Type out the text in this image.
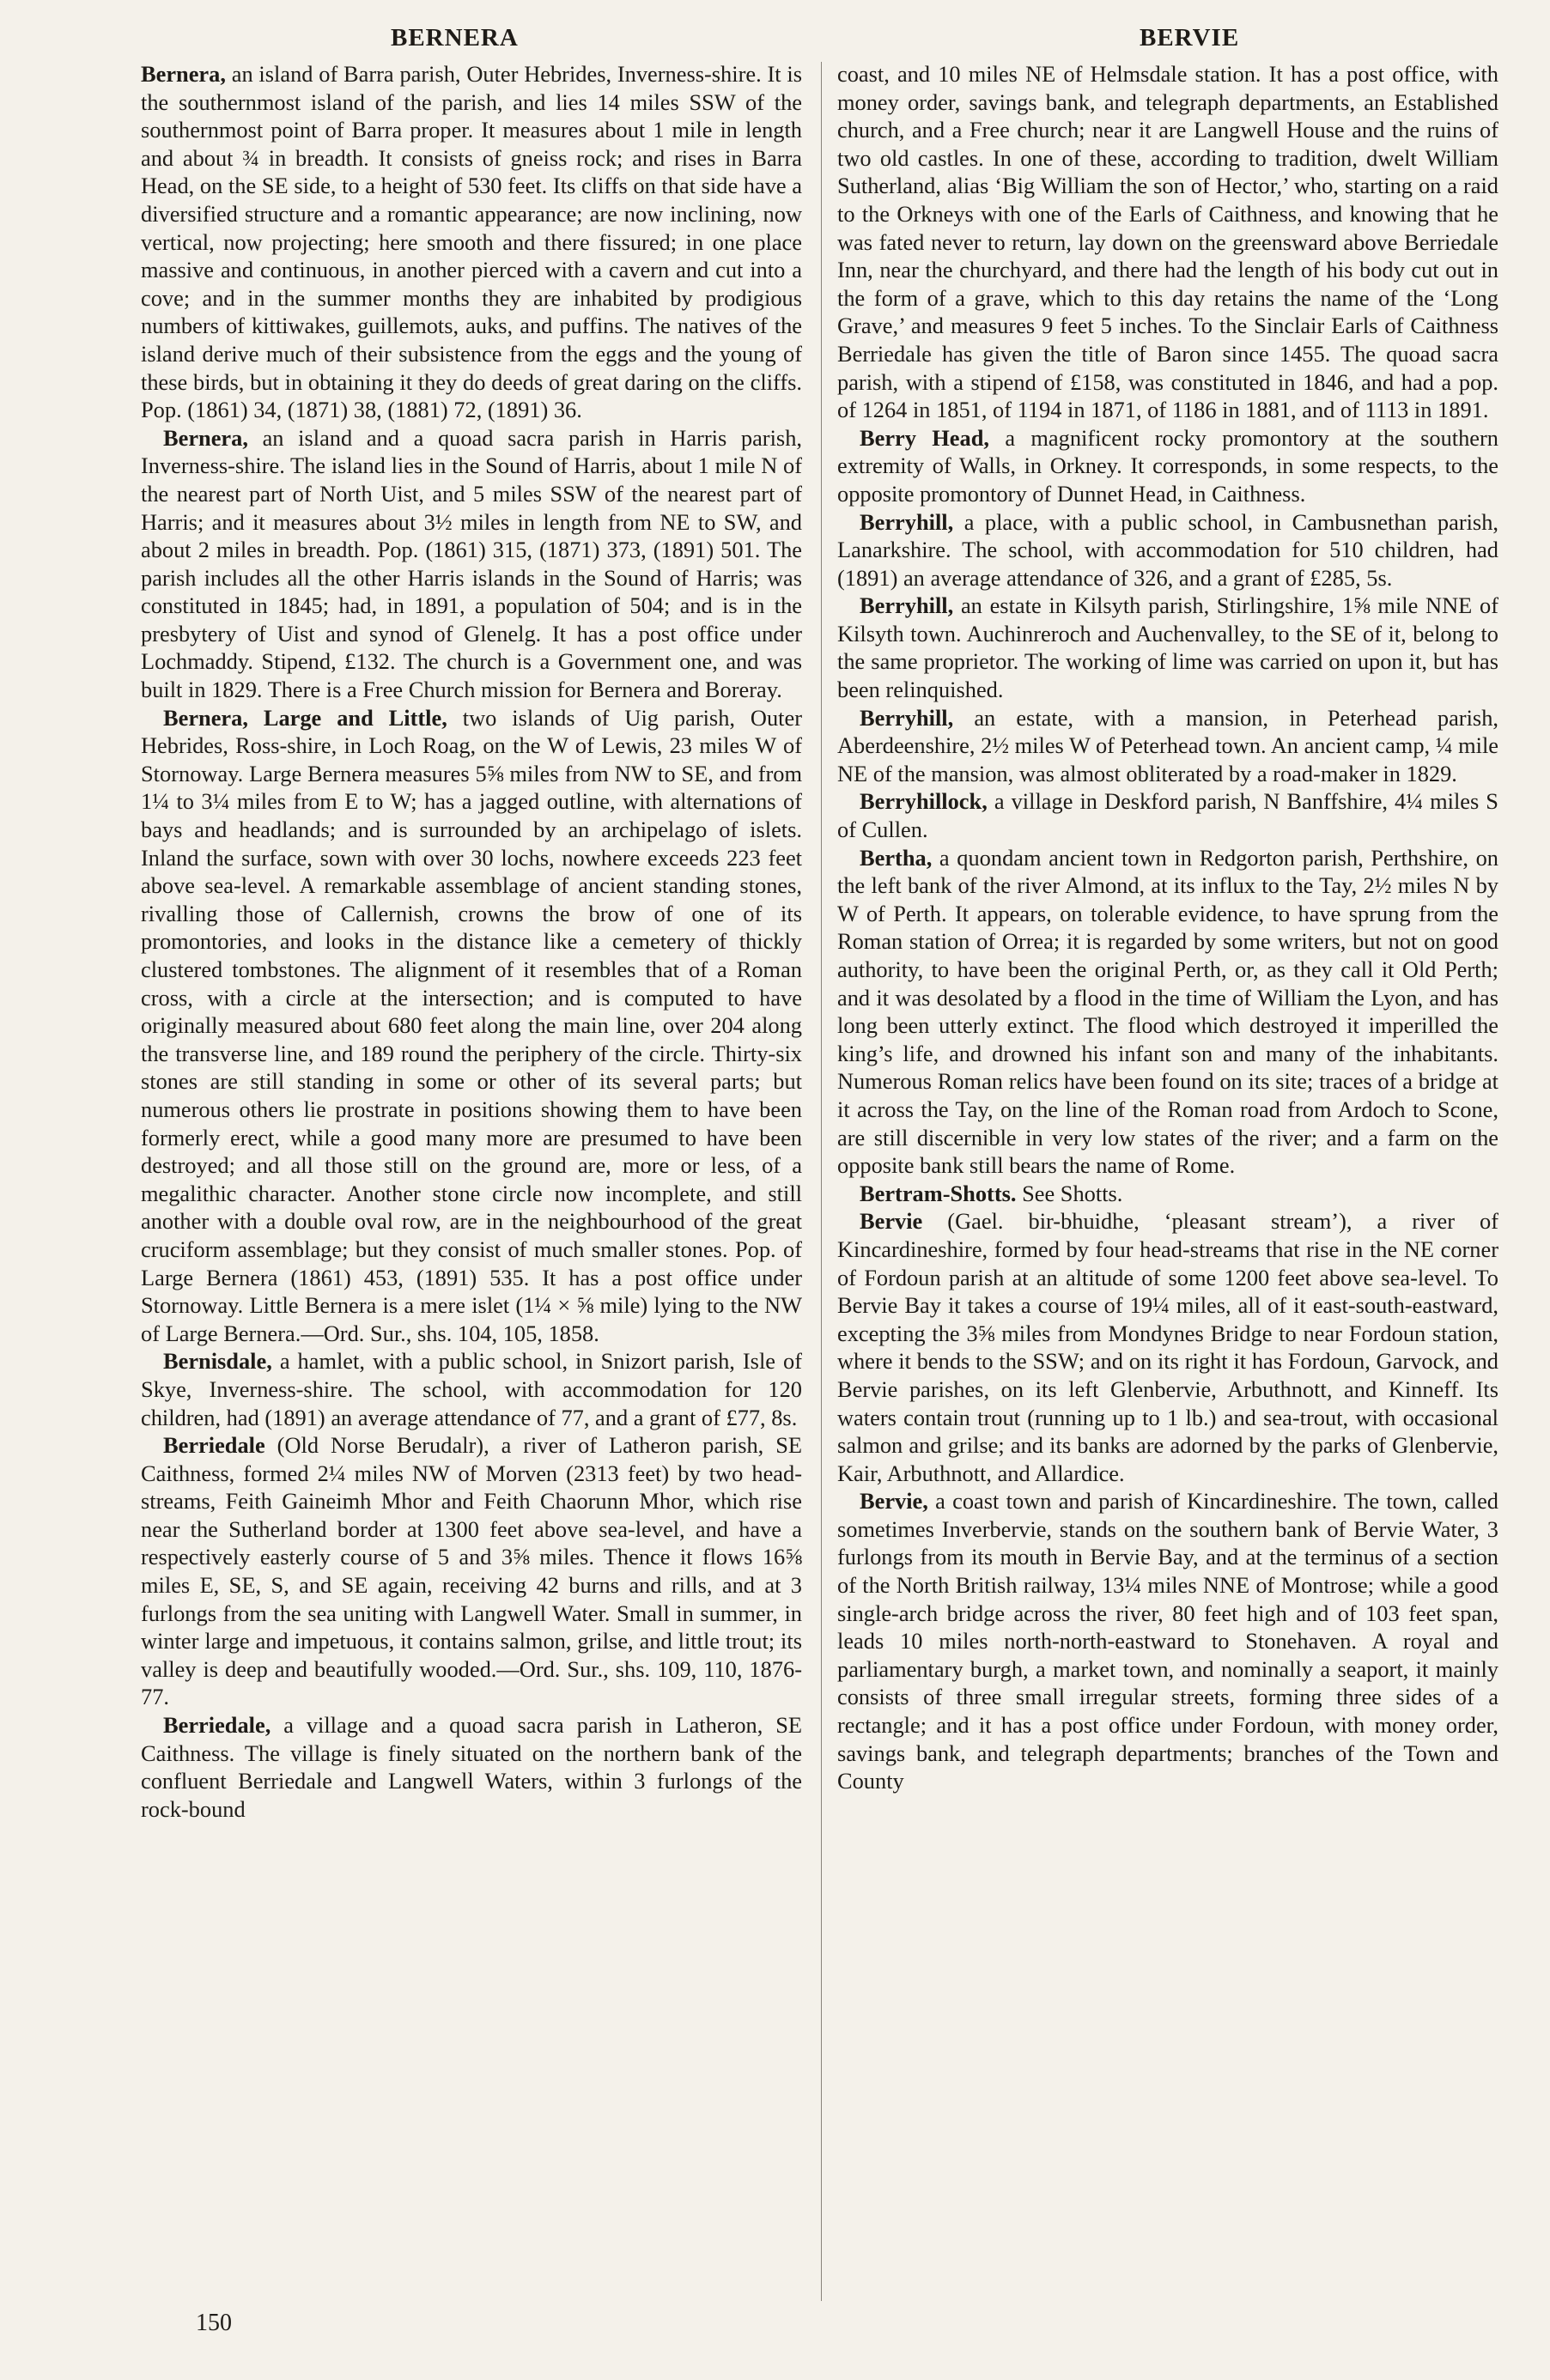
BERNERA	BERVIE

Bernera, an island of Barra parish, Outer Hebrides, Inverness-shire. It is the southernmost island of the parish, and lies 14 miles SSW of the southernmost point of Barra proper. It measures about 1 mile in length and about ¾ in breadth. It consists of gneiss rock; and rises in Barra Head, on the SE side, to a height of 530 feet. Its cliffs on that side have a diversified structure and a romantic appearance; are now inclining, now vertical, now projecting; here smooth and there fissured; in one place massive and continuous, in another pierced with a cavern and cut into a cove; and in the summer months they are inhabited by prodigious numbers of kittiwakes, guillemots, auks, and puffins. The natives of the island derive much of their subsistence from the eggs and the young of these birds, but in obtaining it they do deeds of great daring on the cliffs. Pop. (1861) 34, (1871) 38, (1881) 72, (1891) 36.

Bernera, an island and a quoad sacra parish in Harris parish, Inverness-shire. The island lies in the Sound of Harris, about 1 mile N of the nearest part of North Uist, and 5 miles SSW of the nearest part of Harris; and it measures about 3½ miles in length from NE to SW, and about 2 miles in breadth. Pop. (1861) 315, (1871) 373, (1891) 501. The parish includes all the other Harris islands in the Sound of Harris; was constituted in 1845; had, in 1891, a population of 504; and is in the presbytery of Uist and synod of Glenelg. It has a post office under Lochmaddy. Stipend, £132. The church is a Government one, and was built in 1829. There is a Free Church mission for Bernera and Boreray.

Bernera, Large and Little, two islands of Uig parish, Outer Hebrides, Ross-shire, in Loch Roag, on the W of Lewis, 23 miles W of Stornoway. Large Bernera measures 5⅝ miles from NW to SE, and from 1¼ to 3¼ miles from E to W; has a jagged outline, with alternations of bays and headlands; and is surrounded by an archipelago of islets. Inland the surface, sown with over 30 lochs, nowhere exceeds 223 feet above sea-level. A remarkable assemblage of ancient standing stones, rivalling those of Callernish, crowns the brow of one of its promontories, and looks in the distance like a cemetery of thickly clustered tombstones. The alignment of it resembles that of a Roman cross, with a circle at the intersection; and is computed to have originally measured about 680 feet along the main line, over 204 along the transverse line, and 189 round the periphery of the circle. Thirty-six stones are still standing in some or other of its several parts; but numerous others lie prostrate in positions showing them to have been formerly erect, while a good many more are presumed to have been destroyed; and all those still on the ground are, more or less, of a megalithic character. Another stone circle now incomplete, and still another with a double oval row, are in the neighbourhood of the great cruciform assemblage; but they consist of much smaller stones. Pop. of Large Bernera (1861) 453, (1891) 535. It has a post office under Stornoway. Little Bernera is a mere islet (1¼ × ⅝ mile) lying to the NW of Large Bernera.—Ord. Sur., shs. 104, 105, 1858.

Bernisdale, a hamlet, with a public school, in Snizort parish, Isle of Skye, Inverness-shire. The school, with accommodation for 120 children, had (1891) an average attendance of 77, and a grant of £77, 8s.

Berriedale (Old Norse Berudalr), a river of Latheron parish, SE Caithness, formed 2¼ miles NW of Morven (2313 feet) by two head-streams, Feith Gaineimh Mhor and Feith Chaorunn Mhor, which rise near the Sutherland border at 1300 feet above sea-level, and have a respectively easterly course of 5 and 3⅝ miles. Thence it flows 16⅝ miles E, SE, S, and SE again, receiving 42 burns and rills, and at 3 furlongs from the sea uniting with Langwell Water. Small in summer, in winter large and impetuous, it contains salmon, grilse, and little trout; its valley is deep and beautifully wooded.—Ord. Sur., shs. 109, 110, 1876-77.

Berriedale, a village and a quoad sacra parish in Latheron, SE Caithness. The village is finely situated on the northern bank of the confluent Berriedale and Langwell Waters, within 3 furlongs of the rock-bound

coast, and 10 miles NE of Helmsdale station. It has a post office, with money order, savings bank, and telegraph departments, an Established church, and a Free church; near it are Langwell House and the ruins of two old castles. In one of these, according to tradition, dwelt William Sutherland, alias ‘Big William the son of Hector,’ who, starting on a raid to the Orkneys with one of the Earls of Caithness, and knowing that he was fated never to return, lay down on the greensward above Berriedale Inn, near the churchyard, and there had the length of his body cut out in the form of a grave, which to this day retains the name of the ‘Long Grave,’ and measures 9 feet 5 inches. To the Sinclair Earls of Caithness Berriedale has given the title of Baron since 1455. The quoad sacra parish, with a stipend of £158, was constituted in 1846, and had a pop. of 1264 in 1851, of 1194 in 1871, of 1186 in 1881, and of 1113 in 1891.

Berry Head, a magnificent rocky promontory at the southern extremity of Walls, in Orkney. It corresponds, in some respects, to the opposite promontory of Dunnet Head, in Caithness.

Berryhill, a place, with a public school, in Cambusnethan parish, Lanarkshire. The school, with accommodation for 510 children, had (1891) an average attendance of 326, and a grant of £285, 5s.

Berryhill, an estate in Kilsyth parish, Stirlingshire, 1⅝ mile NNE of Kilsyth town. Auchinreroch and Auchenvalley, to the SE of it, belong to the same proprietor. The working of lime was carried on upon it, but has been relinquished.

Berryhill, an estate, with a mansion, in Peterhead parish, Aberdeenshire, 2½ miles W of Peterhead town. An ancient camp, ¼ mile NE of the mansion, was almost obliterated by a road-maker in 1829.

Berryhillock, a village in Deskford parish, N Banffshire, 4¼ miles S of Cullen.

Bertha, a quondam ancient town in Redgorton parish, Perthshire, on the left bank of the river Almond, at its influx to the Tay, 2½ miles N by W of Perth. It appears, on tolerable evidence, to have sprung from the Roman station of Orrea; it is regarded by some writers, but not on good authority, to have been the original Perth, or, as they call it Old Perth; and it was desolated by a flood in the time of William the Lyon, and has long been utterly extinct. The flood which destroyed it imperilled the king’s life, and drowned his infant son and many of the inhabitants. Numerous Roman relics have been found on its site; traces of a bridge at it across the Tay, on the line of the Roman road from Ardoch to Scone, are still discernible in very low states of the river; and a farm on the opposite bank still bears the name of Rome.

Bertram-Shotts. See Shotts.

Bervie (Gael. bir-bhuidhe, ‘pleasant stream’), a river of Kincardineshire, formed by four head-streams that rise in the NE corner of Fordoun parish at an altitude of some 1200 feet above sea-level. To Bervie Bay it takes a course of 19¼ miles, all of it east-south-eastward, excepting the 3⅝ miles from Mondynes Bridge to near Fordoun station, where it bends to the SSW; and on its right it has Fordoun, Garvock, and Bervie parishes, on its left Glenbervie, Arbuthnott, and Kinneff. Its waters contain trout (running up to 1 lb.) and sea-trout, with occasional salmon and grilse; and its banks are adorned by the parks of Glenbervie, Kair, Arbuthnott, and Allardice.

Bervie, a coast town and parish of Kincardineshire. The town, called sometimes Inverbervie, stands on the southern bank of Bervie Water, 3 furlongs from its mouth in Bervie Bay, and at the terminus of a section of the North British railway, 13¼ miles NNE of Montrose; while a good single-arch bridge across the river, 80 feet high and of 103 feet span, leads 10 miles north-north-eastward to Stonehaven. A royal and parliamentary burgh, a market town, and nominally a seaport, it mainly consists of three small irregular streets, forming three sides of a rectangle; and it has a post office under Fordoun, with money order, savings bank, and telegraph departments; branches of the Town and County

150
